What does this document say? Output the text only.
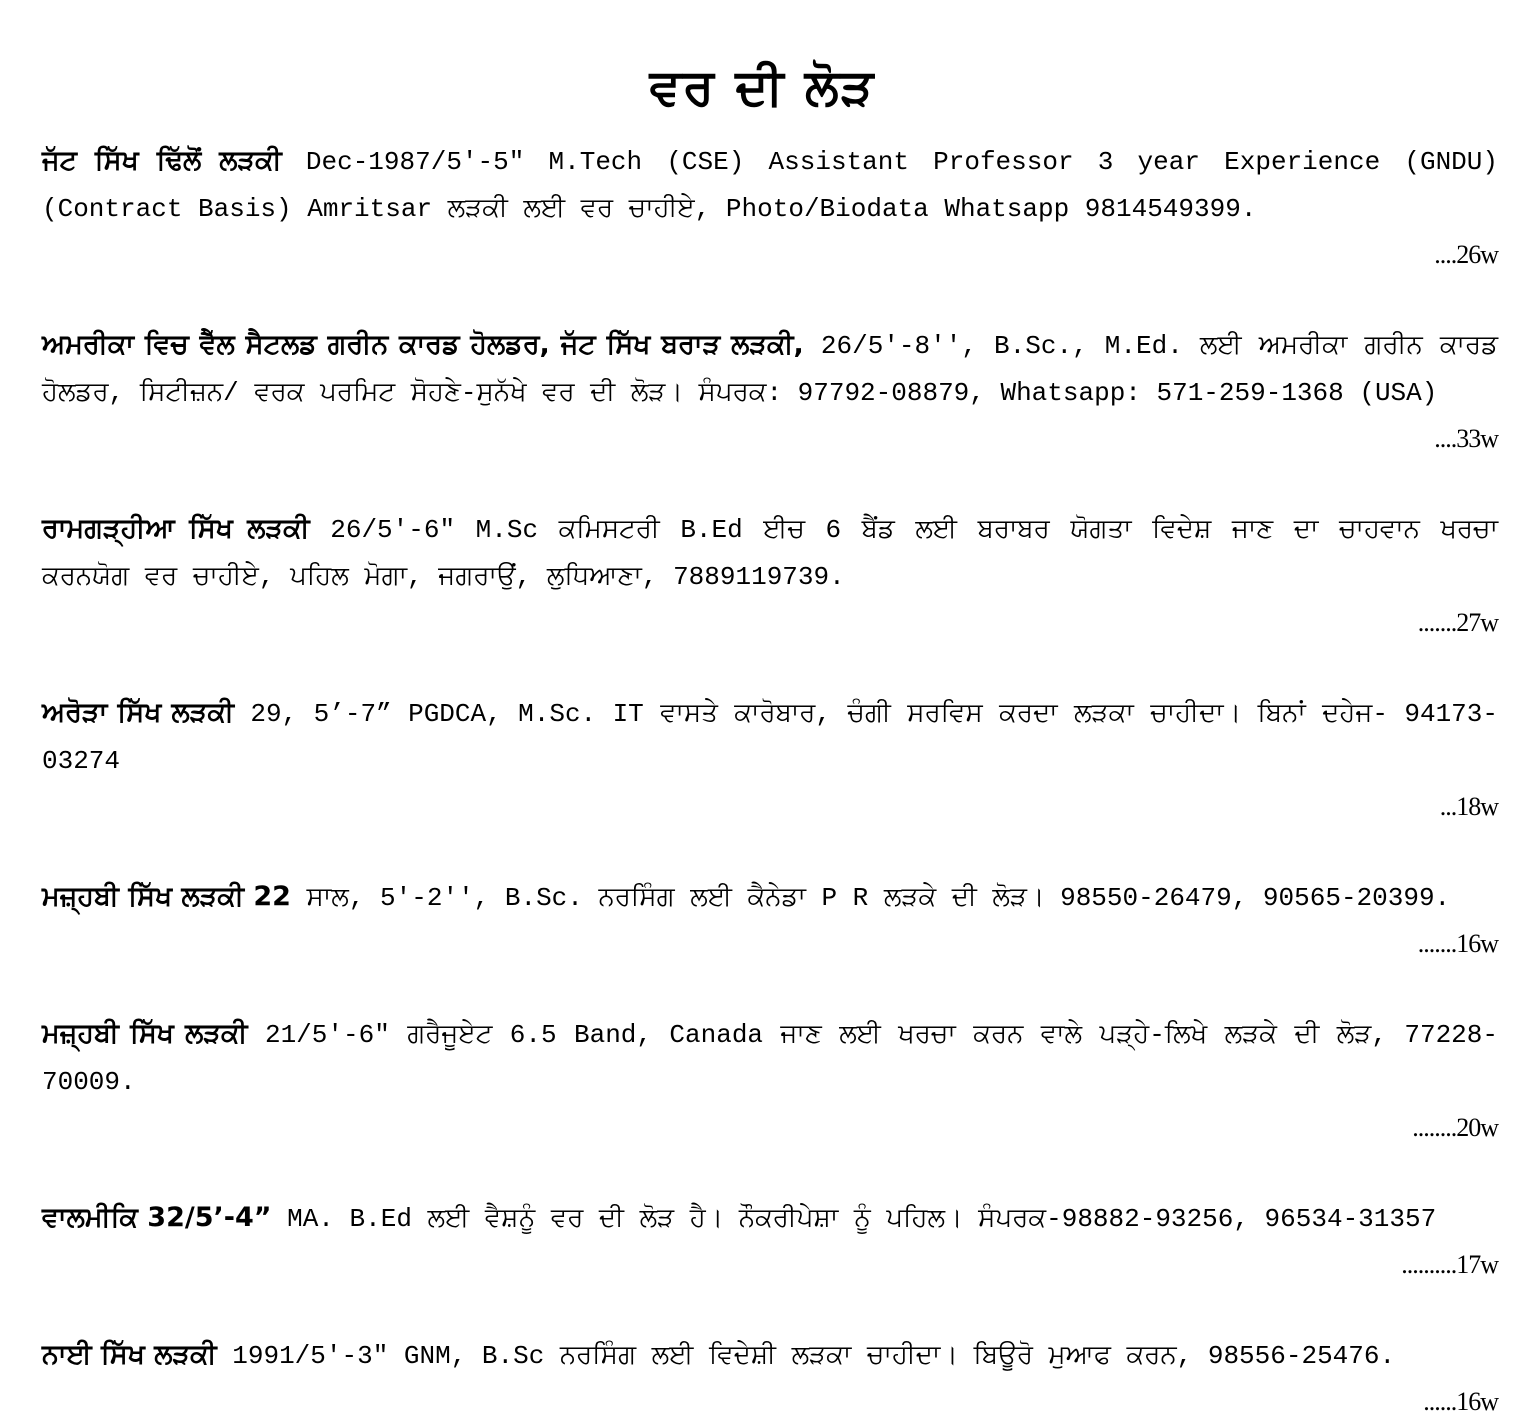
ਵਰ ਦੀ ਲੋੜ
ਜੱਟ ਸਿੱਖ ਢਿੱਲੋਂ ਲੜਕੀ Dec-1987/5'-5" M.Tech (CSE) Assistant Professor 3 year Experience (GNDU) (Contract Basis) Amritsar ਲੜਕੀ ਲਈ ਵਰ ਚਾਹੀਏ, Photo/Biodata Whatsapp 9814549399.
....26w
ਅਮਰੀਕਾ ਵਿਚ ਵੈੱਲ ਸੈਟਲਡ ਗਰੀਨ ਕਾਰਡ ਹੋਲਡਰ, ਜੱਟ ਸਿੱਖ ਬਰਾੜ ਲੜਕੀ, 26/5'-8'', B.Sc., M.Ed. ਲਈ ਅਮਰੀਕਾ ਗਰੀਨ ਕਾਰਡ ਹੋਲਡਰ, ਸਿਟੀਜ਼ਨ/ ਵਰਕ ਪਰਮਿਟ ਸੋਹਣੇ-ਸੁਨੱਖੇ ਵਰ ਦੀ ਲੋੜ। ਸੰਪਰਕ: 97792-08879, Whatsapp: 571-259-1368 (USA)
....33w
ਰਾਮਗੜ੍ਹੀਆ ਸਿੱਖ ਲੜਕੀ 26/5'-6" M.Sc ਕਮਿਸਟਰੀ B.Ed ਈਚ 6 ਬੈਂਡ ਲਈ ਬਰਾਬਰ ਯੋਗਤਾ ਵਿਦੇਸ਼ ਜਾਣ ਦਾ ਚਾਹਵਾਨ ਖਰਚਾ ਕਰਨਯੋਗ ਵਰ ਚਾਹੀਏ, ਪਹਿਲ ਮੋਗਾ, ਜਗਰਾਉਂ, ਲੁਧਿਆਣਾ, 7889119739.
.......27w
ਅਰੋੜਾ ਸਿੱਖ ਲੜਕੀ 29, 5’-7” PGDCA, M.Sc. IT ਵਾਸਤੇ ਕਾਰੋਬਾਰ, ਚੰਗੀ ਸਰਵਿਸ ਕਰਦਾ ਲੜਕਾ ਚਾਹੀਦਾ। ਬਿਨਾਂ ਦਹੇਜ- 94173-03274
...18w
ਮਜ਼੍ਹਬੀ ਸਿੱਖ ਲੜਕੀ 22 ਸਾਲ, 5'-2'', B.Sc. ਨਰਸਿੰਗ ਲਈ ਕੈਨੇਡਾ P R ਲੜਕੇ ਦੀ ਲੋੜ। 98550-26479, 90565-20399.
.......16w
ਮਜ਼੍ਹਬੀ ਸਿੱਖ ਲੜਕੀ 21/5'-6" ਗਰੈਜੂਏਟ 6.5 Band, Canada ਜਾਣ ਲਈ ਖਰਚਾ ਕਰਨ ਵਾਲੇ ਪੜ੍ਹੇ-ਲਿਖੇ ਲੜਕੇ ਦੀ ਲੋੜ, 77228-70009.
........20w
ਵਾਲਮੀਕਿ 32/5’-4” MA. B.Ed ਲਈ ਵੈਸ਼ਨੂੰ ਵਰ ਦੀ ਲੋੜ ਹੈ। ਨੌਕਰੀਪੇਸ਼ਾ ਨੂੰ ਪਹਿਲ। ਸੰਪਰਕ-98882-93256, 96534-31357
..........17w
ਨਾਈ ਸਿੱਖ ਲੜਕੀ 1991/5'-3" GNM, B.Sc ਨਰਸਿੰਗ ਲਈ ਵਿਦੇਸ਼ੀ ਲੜਕਾ ਚਾਹੀਦਾ। ਬਿਊਰੋ ਮੁਆਫ ਕਰਨ, 98556-25476.
......16w
